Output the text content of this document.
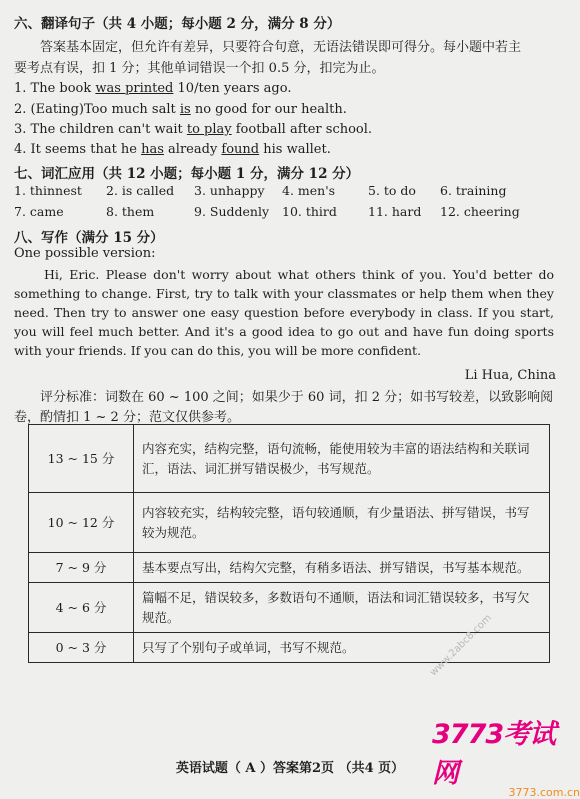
六、翻译句子（共 4 小题；每小题 2 分，满分 8 分）
答案基本固定，但允许有差异，只要符合句意，无语法错误即可得分。每小题中若主
要考点有误，扣 1 分；其他单词错误一个扣 0.5 分，扣完为止。
1. The book was printed 10/ten years ago.
2. (Eating)Too much salt is no good for our health.
3. The children can't wait to play football after school.
4. It seems that he has already found his wallet.
七、词汇应用（共 12 小题；每小题 1 分，满分 12 分）
1. thinnest 2. is called 3. unhappy 4. men's	5. to do 6. training
7. came	8. them	9. Suddenly 10. third 11. hard 12. cheering
八、写作（满分 15 分）
One possible version:

Hi, Eric. Please don't worry about what others think of you. You'd better do something to change. First, try to talk with your classmates or help them when they need. Then try to answer one easy question before everybody in class. If you start, you will feel much better. And it's a good idea to go out and have fun doing sports with your friends. If you can do this, you will be more confident.

Li Hua, China
评分标准：词数在 60 ~ 100 之间；如果少于 60 词，扣 2 分；如书写较差，以致影响阅
卷，酌情扣 1 ~ 2 分；范文仅供参考。
13 ~ 15 分	内容充实，结构完整，语句流畅，能使用较为丰富的语法结构和关联词汇，语法、词汇拼写错误极少，书写规范。
10 ~ 12 分	内容较充实，结构较完整，语句较通顺，有少量语法、拼写错误，书写较为规范。
7 ~ 9 分	基本要点写出，结构欠完整，有稍多语法、拼写错误，书写基本规范。
4 ~ 6 分	篇幅不足，错误较多，多数语句不通顺，语法和词汇错误较多，书写欠规范。
0 ~ 3 分	只写了个别句子或单词，书写不规范。	www.2abc8.com
3773考试网
3773.com.cn
英语试题（ A ）答案第2页 （共4 页）
